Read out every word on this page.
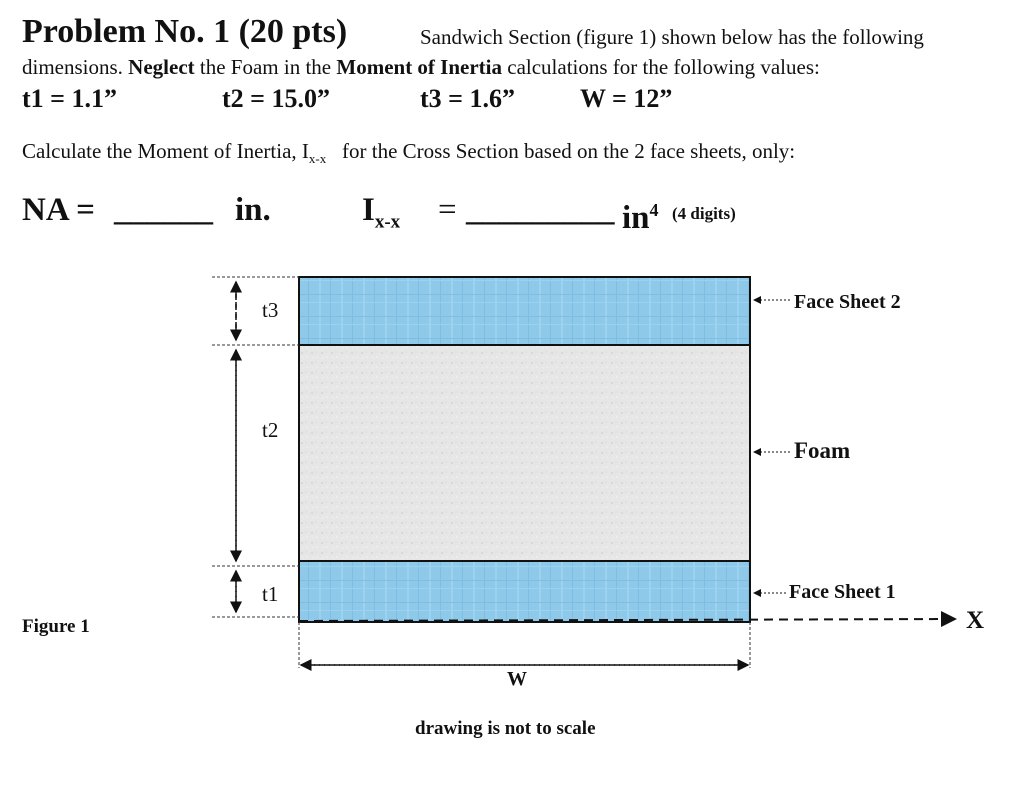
Problem No. 1 (20 pts)	Sandwich Section (figure 1) shown below has the following
dimensions. Neglect the Foam in the Moment of Inertia calculations for the following values:
t1 = 1.1”	t2 = 15.0”	t3 = 1.6”	W = 12”
Calculate the Moment of Inertia, $I_{x-x}$ for the Cross Section based on the 2 face sheets, only:
NA = ______ in.	$I_{x-x}$ = _________ $in^4$ (4 digits)
t3
t2
t1
Face Sheet 2
Foam
Face Sheet 1
X
W
Figure 1
drawing is not to scale
